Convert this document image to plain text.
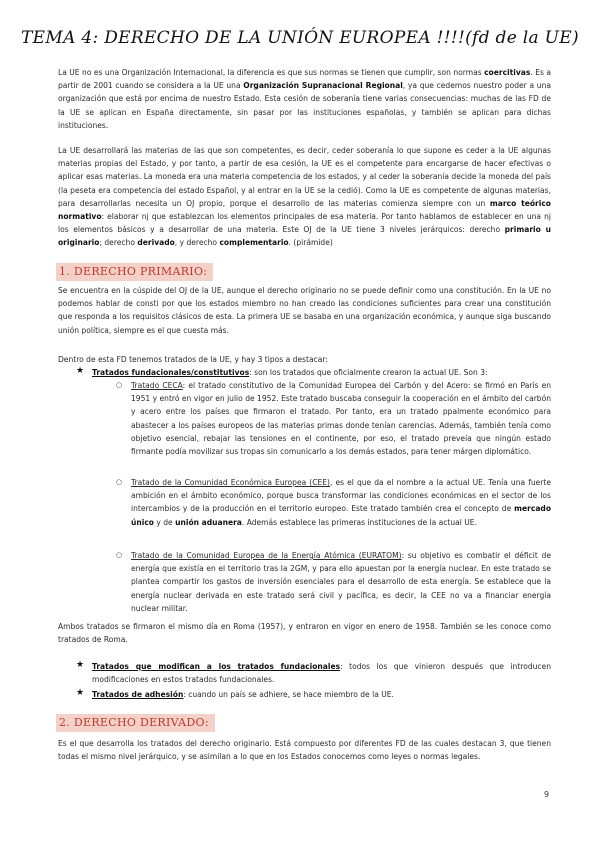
TEMA 4: DERECHO DE LA UNIÓN EUROPEA !!!!(fd de la UE)
La UE no es una Organización Internacional, la diferencia es que sus normas se tienen que cumplir, son normas coercitivas. Es a partir de 2001 cuando se considera a la UE una Organización Supranacional Regional, ya que cedemos nuestro poder a una organización que está por encima de nuestro Estado. Esta cesión de soberanía tiene varias consecuencias: muchas de las FD de la UE se aplican en España directamente, sin pasar por las instituciones españolas, y también se aplican para dichas instituciones.
La UE desarrollará las materias de las que son competentes, es decir, ceder soberanía lo que supone es ceder a la UE algunas materias propias del Estado, y por tanto, a partir de esa cesión, la UE es el competente para encargarse de hacer efectivas o aplicar esas materias. La moneda era una materia competencia de los estados, y al ceder la soberanía decide la moneda del país (la peseta era competencia del estado Español, y al entrar en la UE se la cedió). Como la UE es competente de algunas materias, para desarrollarlas necesita un OJ propio, porque el desarrollo de las materias comienza siempre con un marco teórico normativo: elaborar nj que establezcan los elementos principales de esa materia. Por tanto hablamos de establecer en una nj los elementos básicos y a desarrollar de una materia. Este OJ de la UE tiene 3 niveles jerárquicos: derecho primario u originario; derecho derivado, y derecho complementario. (pirámide)
1. DERECHO PRIMARIO:
Se encuentra en la cúspide del OJ de la UE, aunque el derecho originario no se puede definir como una constitución. En la UE no podemos hablar de consti por que los estados miembro no han creado las condiciones suficientes para crear una constitución que responda a los requisitos clásicos de esta. La primera UE se basaba en una organización económica, y aunque siga buscando unión política, siempre es el que cuesta más.
Dentro de esta FD tenemos tratados de la UE, y hay 3 tipos a destacar:
★ Tratados fundacionales/constitutivos: son los tratados que oficialmente crearon la actual UE. Son 3:
○ Tratado CECA: el tratado constitutivo de la Comunidad Europea del Carbón y del Acero: se firmó en París en 1951 y entró en vigor en julio de 1952. Este tratado buscaba conseguir la cooperación en el ámbito del carbón y acero entre los países que firmaron el tratado. Por tanto, era un tratado ppalmente económico para abastecer a los países europeos de las materias primas donde tenían carencias. Además, también tenía como objetivo esencial, rebajar las tensiones en el continente, por eso, el tratado preveía que ningún estado firmante podía movilizar sus tropas sin comunicarlo a los demás estados, para tener márgen diplomático.
○ Tratado de la Comunidad Económica Europea (CEE), es el que da el nombre a la actual UE. Tenía una fuerte ambición en el ámbito económico, porque busca transformar las condiciones económicas en el sector de los intercambios y de la producción en el territorio europeo. Este tratado también crea el concepto de mercado único y de unión aduanera. Además establece las primeras instituciones de la actual UE.
○ Tratado de la Comunidad Europea de la Energía Atómica (EURATOM): su objetivo es combatir el déficit de energía que existía en el territorio tras la 2GM, y para ello apuestan por la energía nuclear. En este tratado se plantea compartir los gastos de inversión esenciales para el desarrollo de esta energía. Se establece que la energía nuclear derivada en este tratado será civil y pacífica, es decir, la CEE no va a financiar energía nuclear militar.
Ambos tratados se firmaron el mismo día en Roma (1957), y entraron en vigor en enero de 1958. También se les conoce como tratados de Roma.
★ Tratados que modifican a los tratados fundacionales: todos los que vinieron después que introducen modificaciones en estos tratados fundacionales.
★ Tratados de adhesión: cuando un país se adhiere, se hace miembro de la UE.
2. DERECHO DERIVADO:
Es el que desarrolla los tratados del derecho originario. Está compuesto por diferentes FD de las cuales destacan 3, que tienen todas el mismo nivel jerárquico, y se asimilan a lo que en los Estados conocemos como leyes o normas legales.
9
